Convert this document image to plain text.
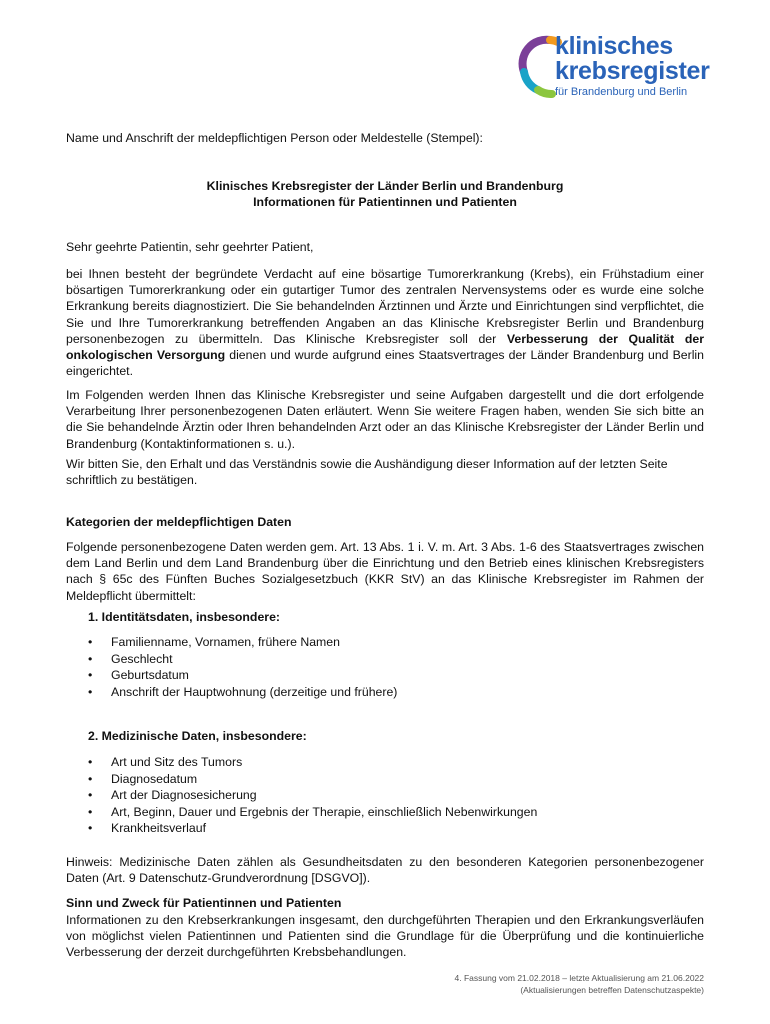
klinisches
krebsregister
für Brandenburg und Berlin
Name und Anschrift der meldepflichtigen Person oder Meldestelle (Stempel):
Klinisches Krebsregister der Länder Berlin und Brandenburg
Informationen für Patientinnen und Patienten
Sehr geehrte Patientin, sehr geehrter Patient,
bei Ihnen besteht der begründete Verdacht auf eine bösartige Tumorerkrankung (Krebs), ein Frühstadium einer bösartigen Tumorerkrankung oder ein gutartiger Tumor des zentralen Nervensystems oder es wurde eine solche Erkrankung bereits diagnostiziert. Die Sie behandelnden Ärztinnen und Ärzte und Einrichtungen sind verpflichtet, die Sie und Ihre Tumorerkrankung betreffenden Angaben an das Klinische Krebsregister Berlin und Brandenburg personenbezogen zu übermitteln. Das Klinische Krebsregister soll der Verbesserung der Qualität der onkologischen Versorgung dienen und wurde aufgrund eines Staatsvertrages der Länder Brandenburg und Berlin eingerichtet.
Im Folgenden werden Ihnen das Klinische Krebsregister und seine Aufgaben dargestellt und die dort erfolgende Verarbeitung Ihrer personenbezogenen Daten erläutert. Wenn Sie weitere Fragen haben, wenden Sie sich bitte an die Sie behandelnde Ärztin oder Ihren behandelnden Arzt oder an das Klinische Krebsregister der Länder Berlin und Brandenburg (Kontaktinformationen s. u.).
Wir bitten Sie, den Erhalt und das Verständnis sowie die Aushändigung dieser Information auf der letzten Seite schriftlich zu bestätigen.
Kategorien der meldepflichtigen Daten
Folgende personenbezogene Daten werden gem. Art. 13 Abs. 1 i. V. m. Art. 3 Abs. 1-6 des Staatsvertrages zwischen dem Land Berlin und dem Land Brandenburg über die Einrichtung und den Betrieb eines klinischen Krebsregisters nach § 65c des Fünften Buches Sozialgesetzbuch (KKR StV) an das Klinische Krebsregister im Rahmen der Meldepflicht übermittelt:
1. Identitätsdaten, insbesondere:
• Familienname, Vornamen, frühere Namen
• Geschlecht
• Geburtsdatum
• Anschrift der Hauptwohnung (derzeitige und frühere)
2. Medizinische Daten, insbesondere:
• Art und Sitz des Tumors
• Diagnosedatum
• Art der Diagnosesicherung
• Art, Beginn, Dauer und Ergebnis der Therapie, einschließlich Nebenwirkungen
• Krankheitsverlauf
Hinweis: Medizinische Daten zählen als Gesundheitsdaten zu den besonderen Kategorien personenbezogener Daten (Art. 9 Datenschutz-Grundverordnung [DSGVO]).
Sinn und Zweck für Patientinnen und Patienten
Informationen zu den Krebserkrankungen insgesamt, den durchgeführten Therapien und den Erkrankungsverläufen von möglichst vielen Patientinnen und Patienten sind die Grundlage für die Überprüfung und die kontinuierliche Verbesserung der derzeit durchgeführten Krebsbehandlungen.
4. Fassung vom 21.02.2018 – letzte Aktualisierung am 21.06.2022
(Aktualisierungen betreffen Datenschutzaspekte)
